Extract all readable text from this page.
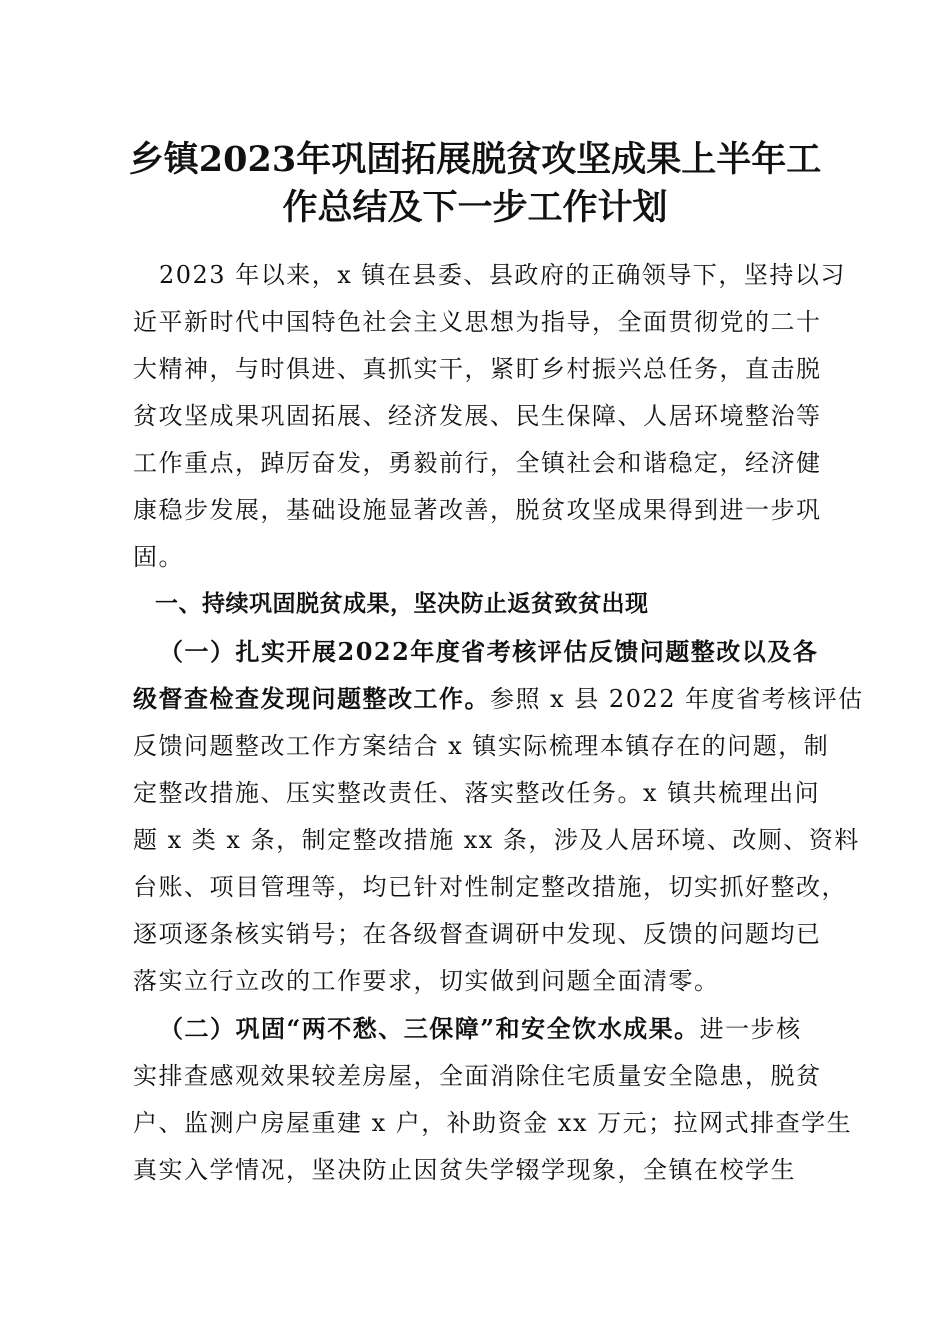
乡镇2023年巩固拓展脱贫攻坚成果上半年工
作总结及下一步工作计划

2023 年以来，x 镇在县委、县政府的正确领导下，坚持以习
近平新时代中国特色社会主义思想为指导，全面贯彻党的二十
大精神，与时俱进、真抓实干，紧盯乡村振兴总任务，直击脱
贫攻坚成果巩固拓展、经济发展、民生保障、人居环境整治等
工作重点，踔厉奋发，勇毅前行，全镇社会和谐稳定，经济健
康稳步发展，基础设施显著改善，脱贫攻坚成果得到进一步巩
固。

一、持续巩固脱贫成果，坚决防止返贫致贫出现

（一）扎实开展2022年度省考核评估反馈问题整改以及各
级督查检查发现问题整改工作。参照 x 县 2022 年度省考核评估
反馈问题整改工作方案结合 x 镇实际梳理本镇存在的问题，制
定整改措施、压实整改责任、落实整改任务。x 镇共梳理出问
题 x 类 x 条，制定整改措施 xx 条，涉及人居环境、改厕、资料
台账、项目管理等，均已针对性制定整改措施，切实抓好整改，
逐项逐条核实销号；在各级督查调研中发现、反馈的问题均已
落实立行立改的工作要求，切实做到问题全面清零。

（二）巩固“两不愁、三保障”和安全饮水成果。进一步核
实排查感观效果较差房屋，全面消除住宅质量安全隐患，脱贫
户、监测户房屋重建 x 户，补助资金 xx 万元；拉网式排查学生
真实入学情况，坚决防止因贫失学辍学现象，全镇在校学生
